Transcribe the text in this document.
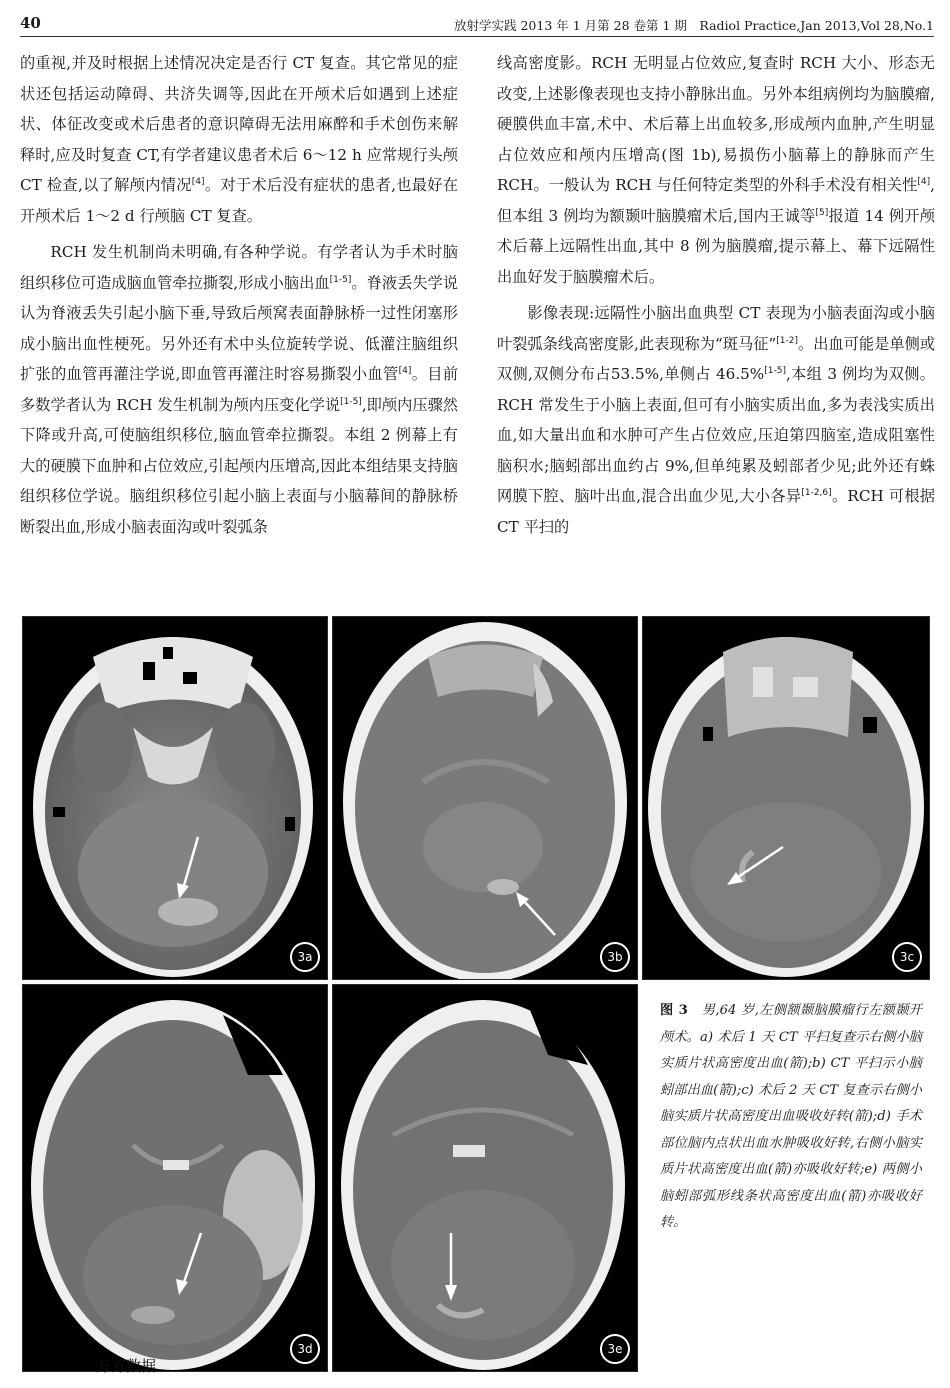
40	放射学实践 2013 年 1 月第 28 卷第 1 期　Radiol Practice,Jan 2013,Vol 28,No.1

的重视,并及时根据上述情况决定是否行 CT 复查。其它常见的症状还包括运动障碍、共济失调等,因此在开颅术后如遇到上述症状、体征改变或术后患者的意识障碍无法用麻醉和手术创伤来解释时,应及时复查 CT,有学者建议患者术后 6～12 h 应常规行头颅 CT 检查,以了解颅内情况[4]。对于术后没有症状的患者,也最好在开颅术后 1～2 d 行颅脑 CT 复查。

RCH 发生机制尚未明确,有各种学说。有学者认为手术时脑组织移位可造成脑血管牵拉撕裂,形成小脑出血[1-5]。脊液丢失学说认为脊液丢失引起小脑下垂,导致后颅窝表面静脉桥一过性闭塞形成小脑出血性梗死。另外还有术中头位旋转学说、低灌注脑组织扩张的血管再灌注学说,即血管再灌注时容易撕裂小血管[4]。目前多数学者认为 RCH 发生机制为颅内压变化学说[1-5],即颅内压骤然下降或升高,可使脑组织移位,脑血管牵拉撕裂。本组 2 例幕上有大的硬膜下血肿和占位效应,引起颅内压增高,因此本组结果支持脑组织移位学说。脑组织移位引起小脑上表面与小脑幕间的静脉桥断裂出血,形成小脑表面沟或叶裂弧条

线高密度影。RCH 无明显占位效应,复查时 RCH 大小、形态无改变,上述影像表现也支持小静脉出血。另外本组病例均为脑膜瘤,硬膜供血丰富,术中、术后幕上出血较多,形成颅内血肿,产生明显占位效应和颅内压增高(图 1b),易损伤小脑幕上的静脉而产生 RCH。一般认为 RCH 与任何特定类型的外科手术没有相关性[4],但本组 3 例均为额颞叶脑膜瘤术后,国内王诚等[5]报道 14 例开颅术后幕上远隔性出血,其中 8 例为脑膜瘤,提示幕上、幕下远隔性出血好发于脑膜瘤术后。

影像表现:远隔性小脑出血典型 CT 表现为小脑表面沟或小脑叶裂弧条线高密度影,此表现称为“斑马征”[1-2]。出血可能是单侧或双侧,双侧分布占53.5%,单侧占 46.5%[1-5],本组 3 例均为双侧。RCH 常发生于小脑上表面,但可有小脑实质出血,多为表浅实质出血,如大量出血和水肿可产生占位效应,压迫第四脑室,造成阻塞性脑积水;脑蚓部出血约占 9%,但单纯累及蚓部者少见;此外还有蛛网膜下腔、脑叶出血,混合出血少见,大小各异[1-2,6]。RCH 可根据 CT 平扫的

3a	3b	3c
3d	3e
万方数据
图 3　男,64 岁,左侧额颞脑膜瘤行左额颞开颅术。a) 术后 1 天 CT 平扫复查示右侧小脑实质片状高密度出血(箭);b) CT 平扫示小脑蚓部出血(箭);c) 术后 2 天 CT 复查示右侧小脑实质片状高密度出血吸收好转(箭);d) 手术部位脑内点状出血水肿吸收好转,右侧小脑实质片状高密度出血(箭)亦吸收好转;e) 两侧小脑蚓部弧形线条状高密度出血(箭)亦吸收好转。
